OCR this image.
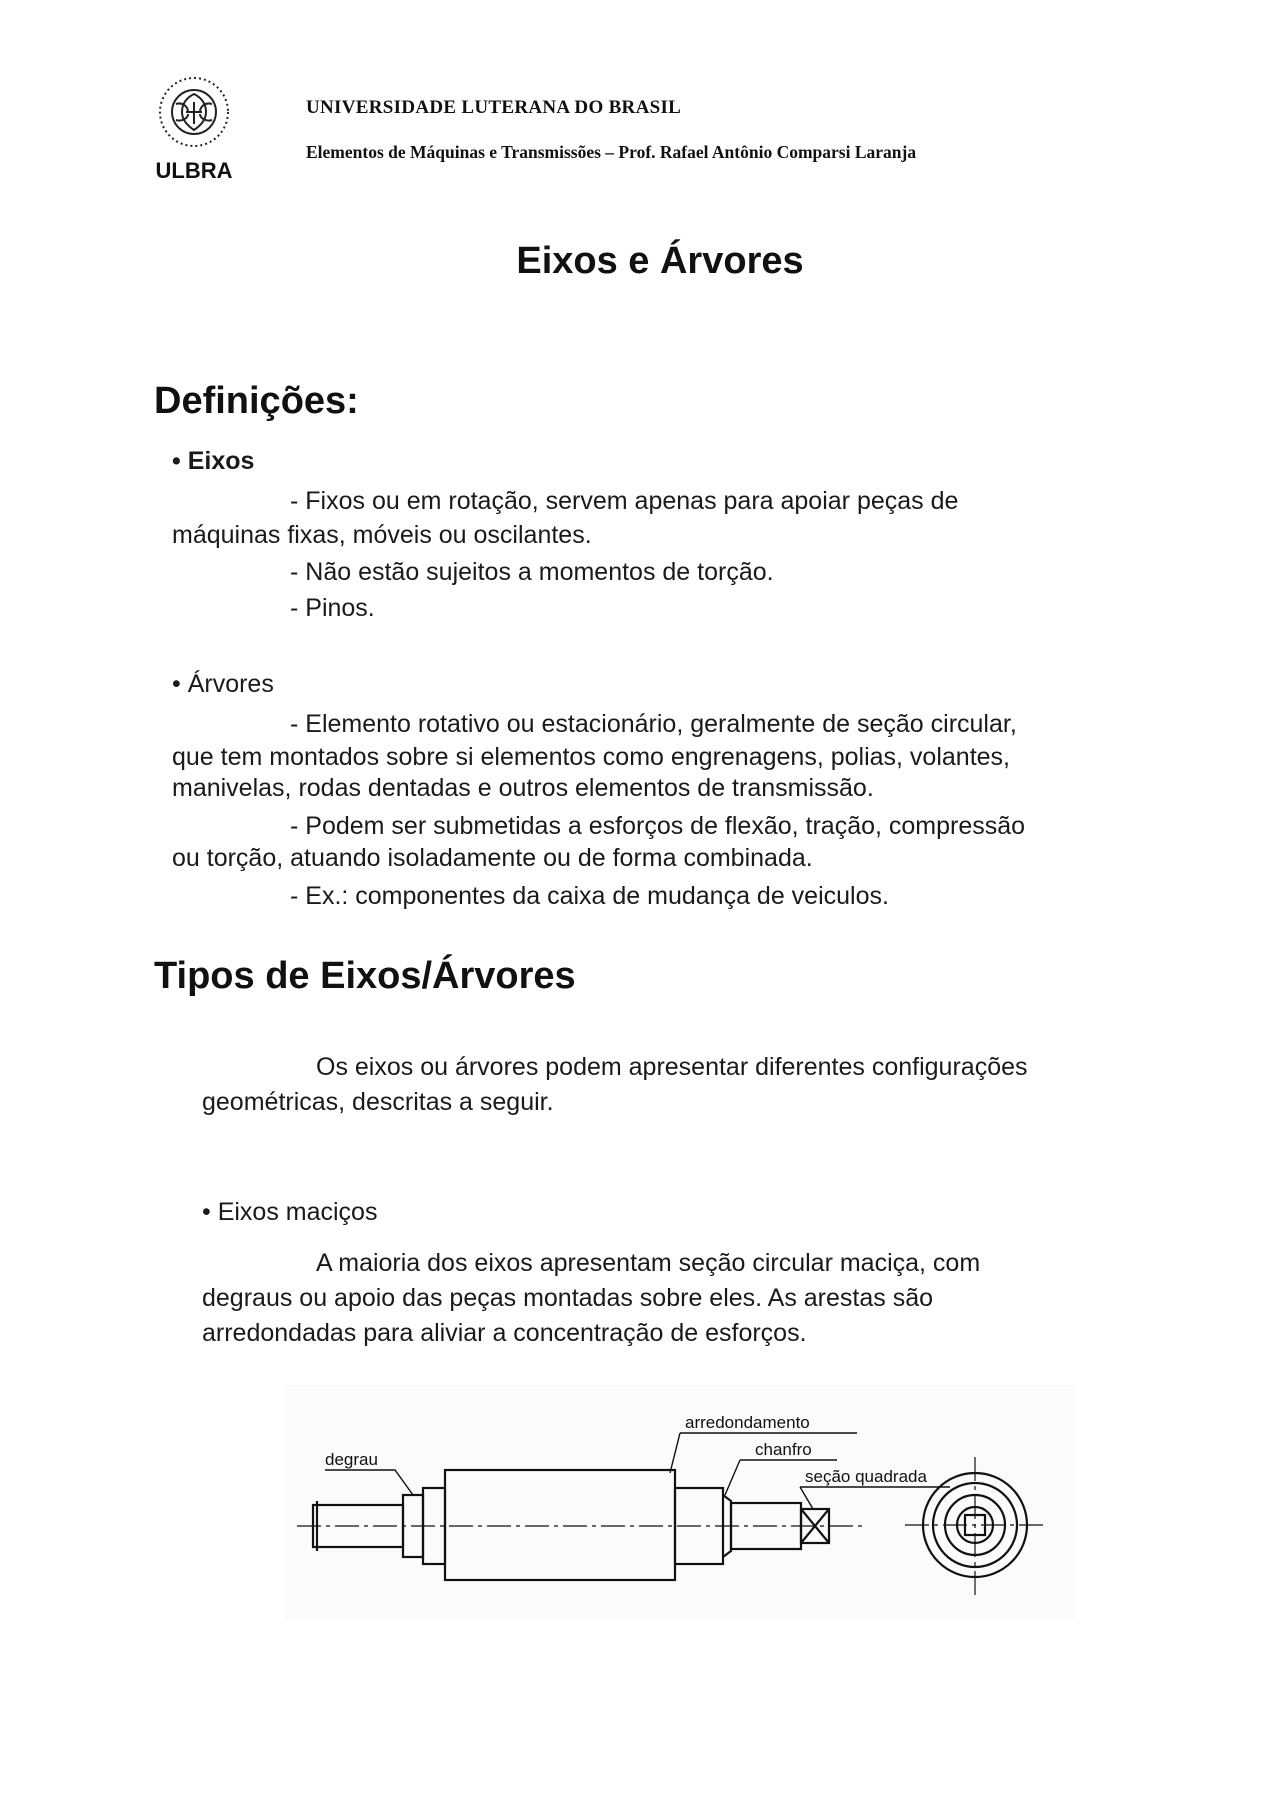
ULBRA
UNIVERSIDADE LUTERANA DO BRASIL
Elementos de Máquinas e Transmissões – Prof. Rafael Antônio Comparsi Laranja
Eixos e Árvores
Definições:
• Eixos
- Fixos ou em rotação, servem apenas para apoiar peças de
máquinas fixas, móveis ou oscilantes.
- Não estão sujeitos a momentos de torção.
- Pinos.
• Árvores
- Elemento rotativo ou estacionário, geralmente de seção circular,
que tem montados sobre si elementos como engrenagens, polias, volantes,
manivelas, rodas dentadas e outros elementos de transmissão.
- Podem ser submetidas a esforços de flexão, tração, compressão
ou torção, atuando isoladamente ou de forma combinada.
- Ex.: componentes da caixa de mudança de veiculos.
Tipos de Eixos/Árvores
Os eixos ou árvores podem apresentar diferentes configurações
geométricas, descritas a seguir.
• Eixos maciços
A maioria dos eixos apresentam seção circular maciça, com
degraus ou apoio das peças montadas sobre eles. As arestas são
arredondadas para aliviar a concentração de esforços.
degrau
arredondamento
chanfro
seção quadrada
